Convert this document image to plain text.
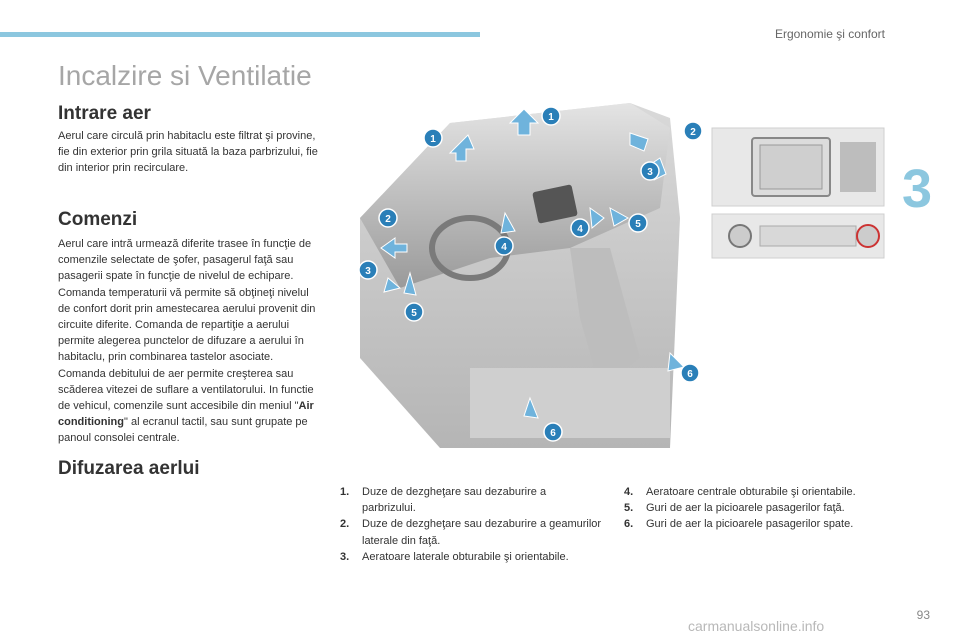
Ergonomie şi confort
3
Incalzire si Ventilatie
Intrare aer

Aerul care circulă prin habitaclu este filtrat şi provine, fie din exterior prin grila situată la baza parbrizului, fie din interior prin recirculare.

Comenzi

Aerul care intră urmează diferite trasee în funcţie de comenzile selectate de şofer, pasagerul faţă sau pasagerii spate în funcţie de nivelul de echipare. Comanda temperaturii vă permite să obţineţi nivelul de confort dorit prin amestecarea aerului provenit din circuite diferite. Comanda de repartiţie a aerului permite alegerea punctelor de difuzare a aerului în habitaclu, prin combinarea tastelor asociate. Comanda debitului de aer permite creşterea sau scăderea vitezei de suflare a ventilatorului. In functie de vehicul, comenzile sunt accesibile din meniul "Air conditioning" al ecranul tactil, sau sunt grupate pe panoul consolei centrale.

1
1
2
2
3
3
4
4	5
5
6
6
Difuzarea aerlui
1.	Duze de dezgheţare sau dezaburire a parbrizului.
2.	Duze de dezgheţare sau dezaburire a geamurilor laterale din faţă.
3.	Aeratoare laterale obturabile şi orientabile.
4.	Aeratoare centrale obturabile şi orientabile.
5.	Guri de aer la picioarele pasagerilor faţă.
6.	Guri de aer la picioarele pasagerilor spate.
carmanualsonline.info
93
